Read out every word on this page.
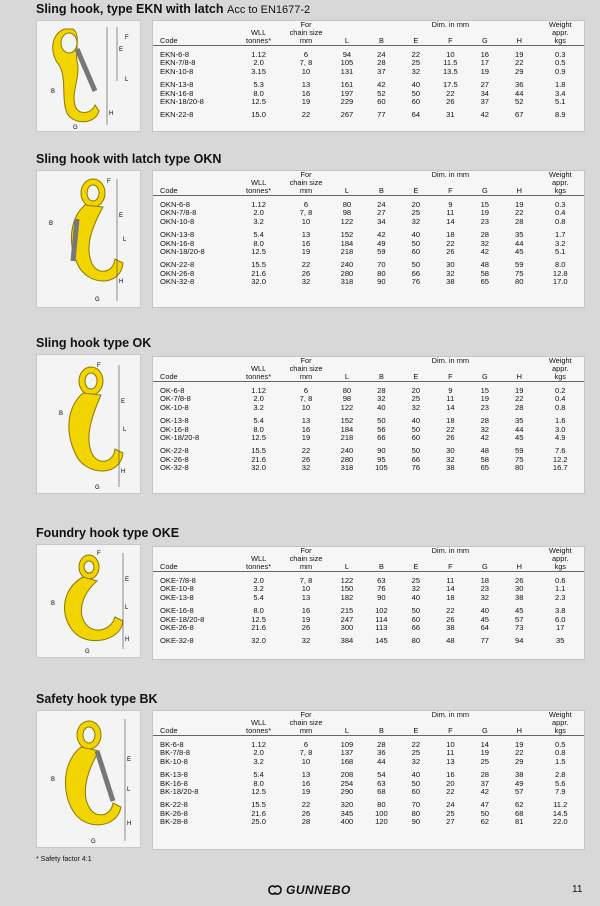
Sling hook, type EKN with latch Acc to EN1677-2
E
F
L
H
B
G
		For		Dim. in mm					Weight
	WLL	chain size							appr.
Code	tonnes*	mm	L	B	E	F	G	H	kgs

EKN-6-8	1.12	6	94	24	22	10	16	19	0.3
EKN-7/8-8	2.0	7, 8	105	28	25	11.5	17	22	0.5
EKN-10-8	3.15	10	131	37	32	13.5	19	29	0.9

EKN-13-8	5.3	13	161	42	40	17.5	27	36	1.8
EKN-16-8	8.0	16	197	52	50	22	34	44	3.4
EKN-18/20-8	12.5	19	229	60	60	26	37	52	5.1

EKN-22-8	15.0	22	267	77	64	31	42	67	8.9
Sling hook with latch type OKN
E
F
L
H
B
G
		For		Dim. in mm					Weight
	WLL	chain size							appr.
Code	tonnes*	mm	L	B	E	F	G	H	kgs

OKN-6-8	1.12	6	80	24	20	9	15	19	0.3
OKN-7/8-8	2.0	7, 8	98	27	25	11	19	22	0.4
OKN-10-8	3.2	10	122	34	32	14	23	28	0.8

OKN-13-8	5.4	13	152	42	40	18	28	35	1.7
OKN-16-8	8.0	16	184	49	50	22	32	44	3.2
OKN-18/20-8	12.5	19	218	59	60	26	42	45	5.1

OKN-22-8	15.5	22	240	70	50	30	48	59	8.0
OKN-26-8	21.6	26	280	80	66	32	58	75	12.8
OKN-32-8	32.0	32	318	90	76	38	65	80	17.0
Sling hook type OK
F
E
L
H
B
G
		For		Dim. in mm					Weight
	WLL	chain size							appr.
Code	tonnes*	mm	L	B	E	F	G	H	kgs

OK-6-8	1.12	6	80	28	20	9	15	19	0.2
OK-7/8-8	2.0	7, 8	98	32	25	11	19	22	0.4
OK-10-8	3.2	10	122	40	32	14	23	28	0.8

OK-13-8	5.4	13	152	50	40	18	28	35	1.6
OK-16-8	8.0	16	184	56	50	22	32	44	3.0
OK-18/20-8	12.5	19	218	66	60	26	42	45	4.9

OK-22-8	15.5	22	240	90	50	30	48	59	7.6
OK-26-8	21.6	26	280	95	66	32	58	75	12.2
OK-32-8	32.0	32	318	105	76	38	65	80	16.7
Foundry hook type OKE
E
F
L
H
B
G
		For		Dim. in mm					Weight
	WLL	chain size							appr.
Code	tonnes*	mm	L	B	E	F	G	H	kgs

OKE-7/8-8	2.0	7, 8	122	63	25	11	18	26	0.6
OKE-10-8	3.2	10	150	76	32	14	23	30	1.1
OKE-13-8	5.4	13	182	90	40	18	32	38	2.3

OKE-16-8	8.0	16	215	102	50	22	40	45	3.8
OKE-18/20-8	12.5	19	247	114	60	26	45	57	6.0
OKE-26-8	21.6	26	300	113	66	38	64	73	17

OKE-32-8	32.0	32	384	145	80	48	77	94	35
Safety hook type BK
E
L
H
B
G
		For		Dim. in mm					Weight
	WLL	chain size							appr.
Code	tonnes*	mm	L	B	E	F	G	H	kgs

BK-6-8	1.12	6	109	28	22	10	14	19	0.5
BK-7/8-8	2.0	7, 8	137	36	25	11	19	22	0.8
BK-10-8	3.2	10	168	44	32	13	25	29	1.5

BK-13-8	5.4	13	208	54	40	16	28	38	2.8
BK-16-8	8.0	16	254	63	50	20	37	49	5.6
BK-18/20-8	12.5	19	290	68	60	22	42	57	7.9

BK-22-8	15.5	22	320	80	70	24	47	62	11.2
BK-26-8	21.6	26	345	100	80	25	50	68	14.5
BK-28-8	25.0	28	400	120	90	27	62	81	22.0
* Safety factor 4:1
GUNNEBO	11
